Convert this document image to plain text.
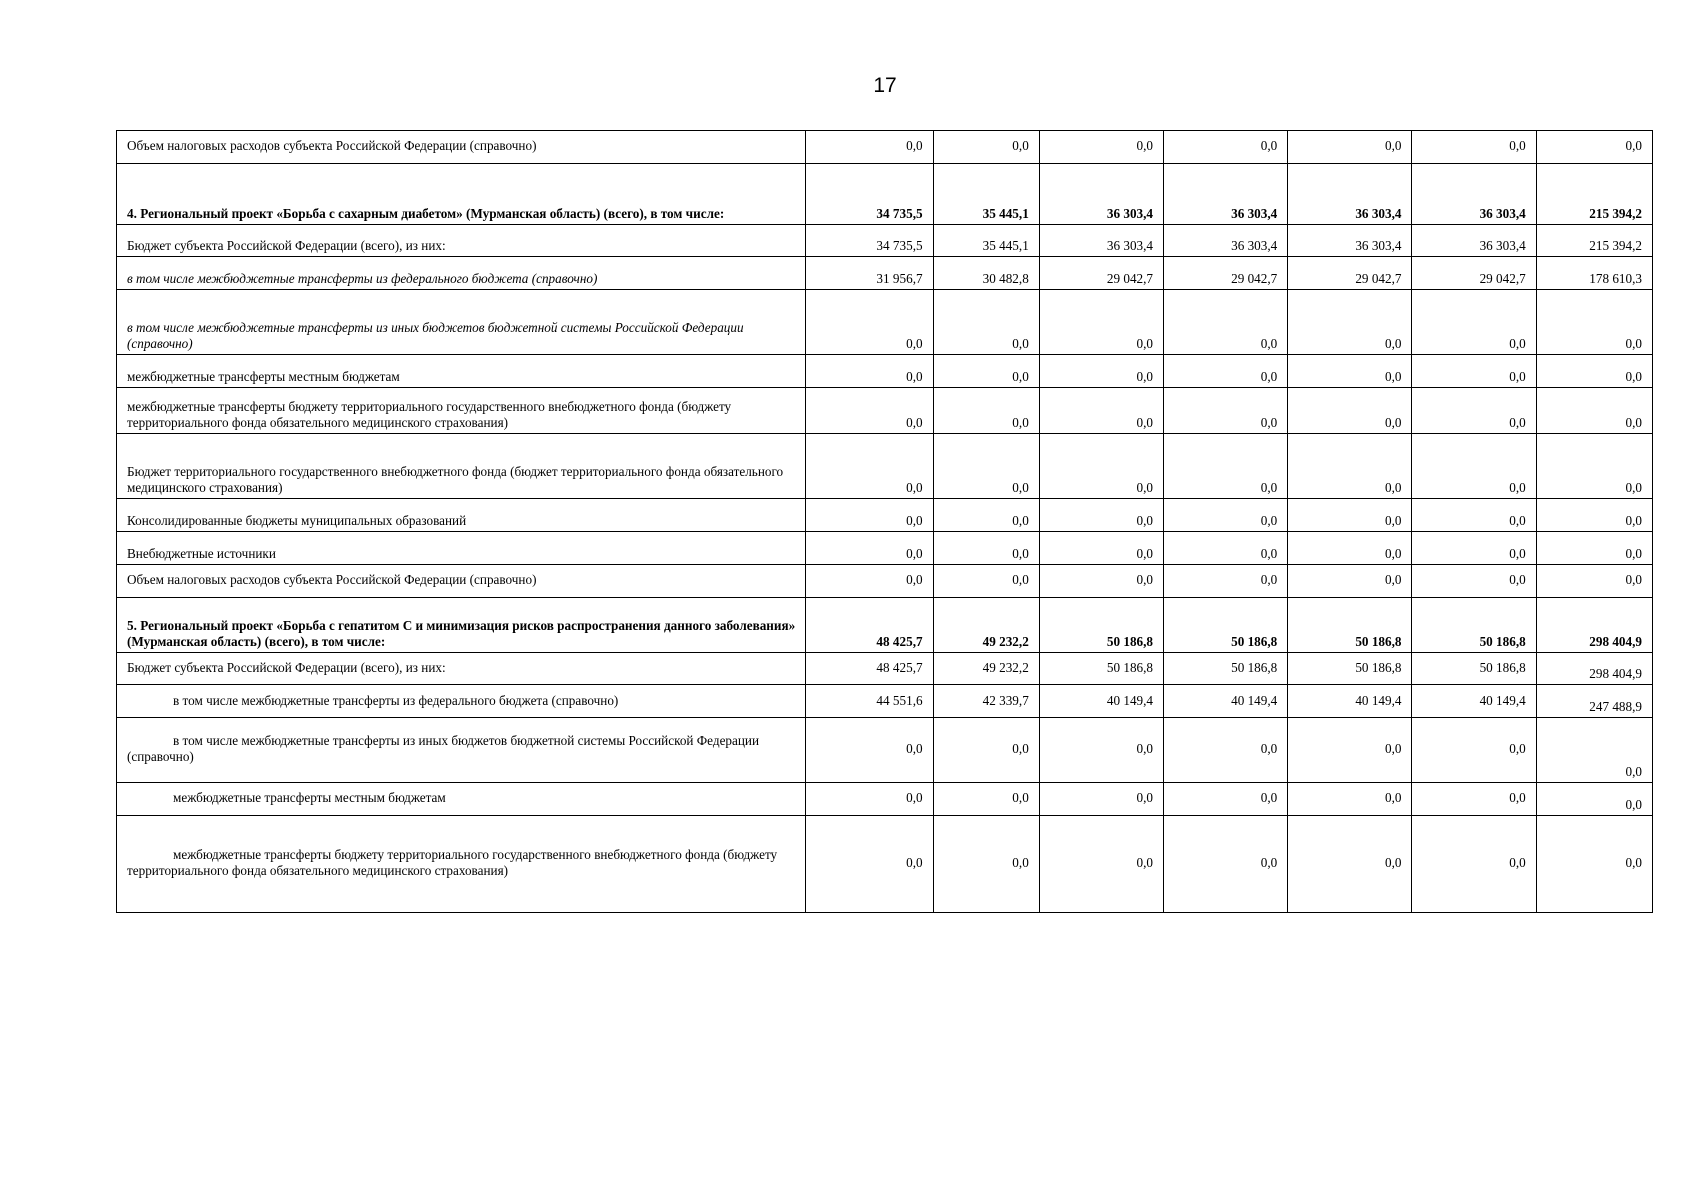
17
Объем налоговых расходов субъекта Российской Федерации (справочно)	0,0	0,0	0,0	0,0	0,0	0,0	0,0
4. Региональный проект «Борьба с сахарным диабетом» (Мурманская область) (всего), в том числе:	34 735,5	35 445,1	36 303,4	36 303,4	36 303,4	36 303,4	215 394,2
Бюджет субъекта Российской Федерации (всего), из них:	34 735,5	35 445,1	36 303,4	36 303,4	36 303,4	36 303,4	215 394,2
в том числе межбюджетные трансферты из федерального бюджета (справочно)	31 956,7	30 482,8	29 042,7	29 042,7	29 042,7	29 042,7	178 610,3
в том числе межбюджетные трансферты из иных бюджетов бюджетной системы Российской Федерации (справочно)	0,0	0,0	0,0	0,0	0,0	0,0	0,0
межбюджетные трансферты местным бюджетам	0,0	0,0	0,0	0,0	0,0	0,0	0,0
межбюджетные трансферты бюджету территориального государственного внебюджетного фонда (бюджету территориального фонда обязательного медицинского страхования)	0,0	0,0	0,0	0,0	0,0	0,0	0,0
Бюджет территориального государственного внебюджетного фонда (бюджет территориального фонда обязательного медицинского страхования)	0,0	0,0	0,0	0,0	0,0	0,0	0,0
Консолидированные бюджеты муниципальных образований	0,0	0,0	0,0	0,0	0,0	0,0	0,0
Внебюджетные источники	0,0	0,0	0,0	0,0	0,0	0,0	0,0
Объем налоговых расходов субъекта Российской Федерации (справочно)	0,0	0,0	0,0	0,0	0,0	0,0	0,0
5. Региональный проект «Борьба с гепатитом С и минимизация рисков распространения данного заболевания» (Мурманская область) (всего), в том числе:	48 425,7	49 232,2	50 186,8	50 186,8	50 186,8	50 186,8	298 404,9
Бюджет субъекта Российской Федерации (всего), из них:	48 425,7	49 232,2	50 186,8	50 186,8	50 186,8	50 186,8	298 404,9
в том числе межбюджетные трансферты из федерального бюджета (справочно)	44 551,6	42 339,7	40 149,4	40 149,4	40 149,4	40 149,4	247 488,9
в том числе межбюджетные трансферты из иных бюджетов бюджетной системы Российской Федерации (справочно)	0,0	0,0	0,0	0,0	0,0	0,0	0,0
межбюджетные трансферты местным бюджетам	0,0	0,0	0,0	0,0	0,0	0,0	0,0
межбюджетные трансферты бюджету территориального государственного внебюджетного фонда (бюджету территориального фонда обязательного медицинского страхования)	0,0	0,0	0,0	0,0	0,0	0,0	0,0
